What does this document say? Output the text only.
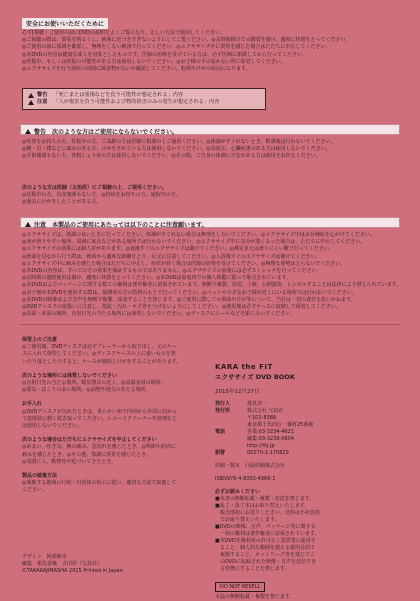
安全にお使いいただくために
必ず[視聴・ご使用の前にDVDの説明をよくご覧になり、正しい方法で使用してください。
◎ご視聴の際は、部屋を明るくし、画面に近づきすぎないようにしてご覧ください。◎長時間続けての鑑賞を避け、適度に休憩をとってください。
◎ご使用の前に体調を確認し、無理をしない範囲で行ってください。◎エクササイズ中に異常を感じた場合はただちに中止してください。
◎本DVDの内容は健康な成人を対象としたものです。医師の治療を受けている方は、必ず医師に相談してから行ってください。
◎妊娠中、もしくは妊娠の可能性がある方は使用しないでください。◎お子様の手の届かない所に保管してください。
◎エクササイズを行う場所の周囲に障害物がないか確認してください。転倒やけがの原因になります。
警告 「死亡または重傷などを負う可能性が想定される」内容
注意 「人が傷害を負う可能性および物的損害のみの発生が想定される」内容
警告 次のような方はご使用にならないでください。
◎疾患をお持ちの方、妊娠中の方、ご高齢の方は医師に相談の上ご使用ください。◎体調がすぐれないとき、飲酒後は行わないでください。
◎腰・首・膝などに痛みのある方、けがをされている方は使用しないでください。◎高血圧、心臓疾患のある方は使用しないでください。
◎手術後間もない方、骨粗しょう症の方は使用しないでください。◎その他、ご自身の体調に不安がある方は使用をお控えください。
次のような方は医師（主治医）にご相談の上、ご使用ください。
◎妊娠中の方、出産後間もない方。◎持病をお持ちの方、通院中の方。
◎過去にけがをしたことがある方。
注意 本製品のご使用にあたっては以下のことに注意願います。
◎エクササイズは、体調の良いときに行ってください。体調がすぐれない場合は無理をしないでください。◎エクササイズ中は水分補給を心がけてください。
◎床が滑りやすい場所、周囲に家具などがある場所では行わないでください。◎エクササイズ中に気分が悪くなった場合は、ただちに中止してください。
◎エクササイズの効果には個人差があります。◎食後すぐのエクササイズは避けてください。◎裸足または滑りにくい靴で行ってください。
◎画面を見ながら行う際は、画面から適度な距離をとり、足元に注意してください。◎入浴後すぐのエクササイズは避けてください。
◎エクササイズ中に痛みを感じた場合はただちに中止し、症状が続く場合は医師の診察を受けてください。◎無理な姿勢はとらないでください。
◎本DVDの内容は、すべての方の効果を保証するものではありません。◎エクササイズの前後には必ずストレッチを行ってください。
◎長時間の連続使用は避け、適度に休憩をとってください。◎本DVDは家庭内での個人視聴に限って販売されています。
◎本DVDおよびパッケージに関する総ての権利は著作権者に留保されています。無断で複製、放送、上映、公開演奏、レンタルすることは法律により禁じられています。
◎お子様が本DVDを使用する際は、保護者の方の監督のもとで行ってください。◎ペットや小さなお子様が近くにいる場所では行わないでください。
◎本DVDの映像および音声を無断で複製、改変することを禁じます。◎ご使用に際しての事故やけが等について、当社は一切の責任を負いかねます。
◎DVDディスクの取扱いに注意し、指紋・汚れ・キズ等をつけないようにしてください。◎使用後は必ずケースに収納して保管してください。
◎高温・多湿の場所、直射日光の当たる場所には保管しないでください。◎ディスクにシールなどを貼らないでください。
保管上のご注意
◎ご使用後、DVDディスクは必ずプレーヤーから取り出し、元のケー
スに入れて保管してください。◎ディスクケースの上に重いものを置
いたり落としたりすると、ケースが破損しけがをすることがあります。
次のような場所には保管しないでください
◎直射日光の当たる場所、暖房器具の近く。◎高温多湿の場所。
◎湿気・ほこりの多い場所。◎油煙や湯気のあたる場所。
お手入れ
◎DVDディスクが汚れたときは、柔らかい布で内周から外周に向かっ
て放射状に軽く拭き取ってください。レコードクリーナーや溶剤など
は使用しないでください。
次のような場合はただちにエクササイズを中止してください
◎めまい、吐き気、胸の痛み、息切れを感じたとき。◎関節や筋肉に
痛みを感じたとき。◎その他、体調に異常を感じたとき。
◎周囲に人、動物等が近づいてきたとき。
製品の破棄方法
◎廃棄する地域の行政・自治体の指示に従い、適切な方法で廃棄して
ください。
デザイン　阿部順幸
編集　相馬香織　古田彩（宝島社）
©TAKARAJIMASHA 2015 Printed in Japan
KARA the FIT
エクササイズ DVD BOOK
2015年12月27日
発行人	蓮見清一
発行所	株式会社 宝島社
〒102-8388
東京都千代田区一番町25番地
電話	営業:03-3234-4621
編集:03-3239-0604
http://tkj.jp
振替	00170-1-170829
印刷・製本　凸版印刷株式会社
ISBN978-4-8002-4966-1
必ずお読みください
■本書の無断転載・複製・放送を禁じます。
■乱丁・落丁本はお取り替えいたします。
　販売部宛にお送りください。送料は小社負担
　でお取り替えいたします。
■DVDの映像、音声、パッケージ等に関する
　一切の権利は著作権者に留保されています。
■本DVDを権利者の許可なく賃貸業に使用す
　ること、個人的な範囲を超える使用目的で
　複製すること、ネットワーク等を通じてこ
　のDVDに収録された映像・音声を送信でき
　る状態にすることを禁じます。
DO NOT RESELL
本誌の無断転載・複製を禁じます。
